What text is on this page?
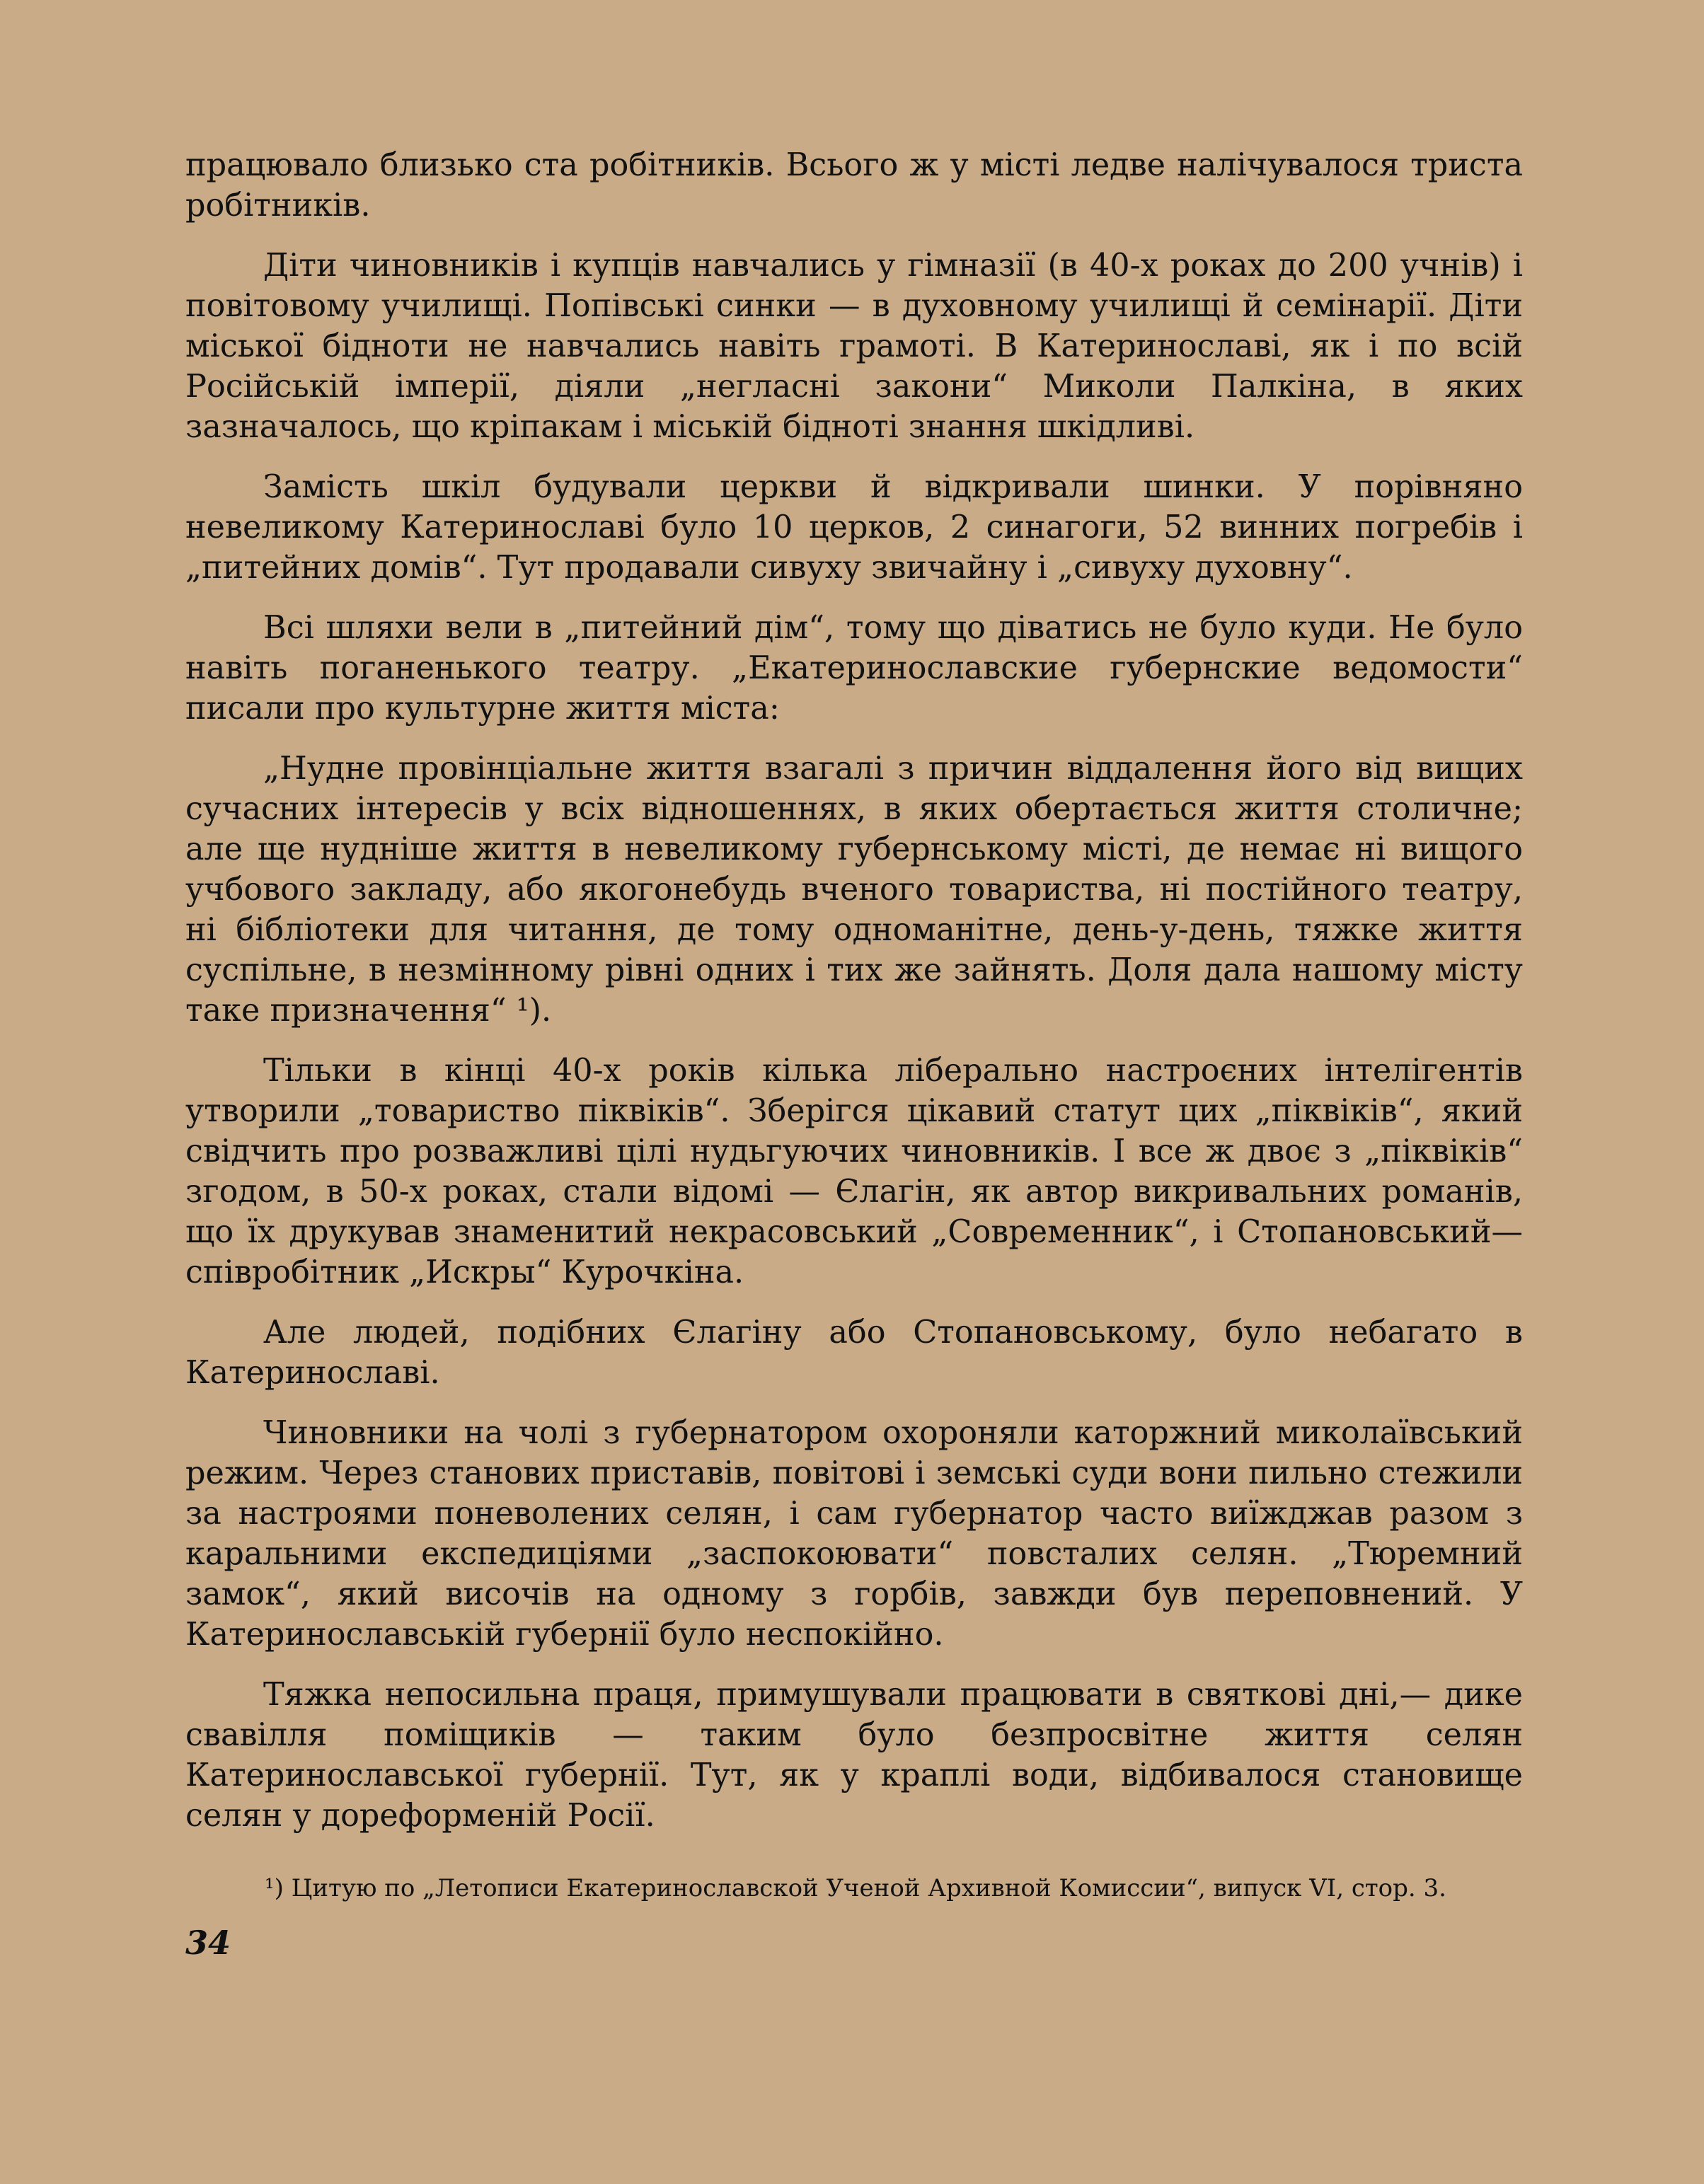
працювало близько ста робітників. Всього ж у місті ледве налічувалося триста робітників.

Діти чиновників і купців навчались у гімназії (в 40-х роках до 200 учнів) і повітовому училищі. Попівські синки — в духовному училищі й семінарії. Діти міської бідноти не навчались навіть грамоті. В Катеринославі, як і по всій Російській імперії, діяли „негласні закони“ Миколи Палкіна, в яких зазначалось, що кріпакам і міській бідноті знання шкідливі.

Замість шкіл будували церкви й відкривали шинки. У порівняно невеликому Катеринославі було 10 церков, 2 синагоги, 52 винних погребів і „питейних домів“. Тут продавали сивуху звичайну і „сивуху духовну“.

Всі шляхи вели в „питейний дім“, тому що діватись не було куди. Не було навіть поганенького театру. „Екатеринославские губернские ведомости“ писали про культурне життя міста:

„Нудне провінціальне життя взагалі з причин віддалення його від вищих сучасних інтересів у всіх відношеннях, в яких обертається життя столичне; але ще нудніше життя в невеликому губернському місті, де немає ні вищого учбового закладу, або якогонебудь вченого товариства, ні постійного театру, ні бібліотеки для читання, де тому одноманітне, день-у-день, тяжке життя суспільне, в незмінному рівні одних і тих же зайнять. Доля дала нашому місту таке призначення“ ¹).

Тільки в кінці 40-х років кілька ліберально настроєних інтелігентів утворили „товариство піквіків“. Зберігся цікавий статут цих „піквіків“, який свідчить про розважливі цілі нудьгуючих чиновників. І все ж двоє з „піквіків“ згодом, в 50-х роках, стали відомі — Єлагін, як автор викривальних романів, що їх друкував знаменитий некрасовський „Современник“, і Стопановський—співробітник „Искры“ Курочкіна.

Але людей, подібних Єлагіну або Стопановському, було небагато в Катеринославі.

Чиновники на чолі з губернатором охороняли каторжний миколаївський режим. Через станових приставів, повітові і земські суди вони пильно стежили за настроями поневолених селян, і сам губернатор часто виїжджав разом з каральними експедиціями „заспокоювати“ повсталих селян. „Тюремний замок“, який височів на одному з горбів, завжди був переповнений. У Катеринославській губернії було неспокійно.

Тяжка непосильна праця, примушували працювати в святкові дні,— дике свавілля поміщиків — таким було безпросвітне життя селян Катеринославської губернії. Тут, як у краплі води, відбивалося становище селян у дореформеній Росії.

¹) Цитую по „Летописи Екатеринославской Ученой Архивной Комиссии“, випуск VI, стор. 3.
34
